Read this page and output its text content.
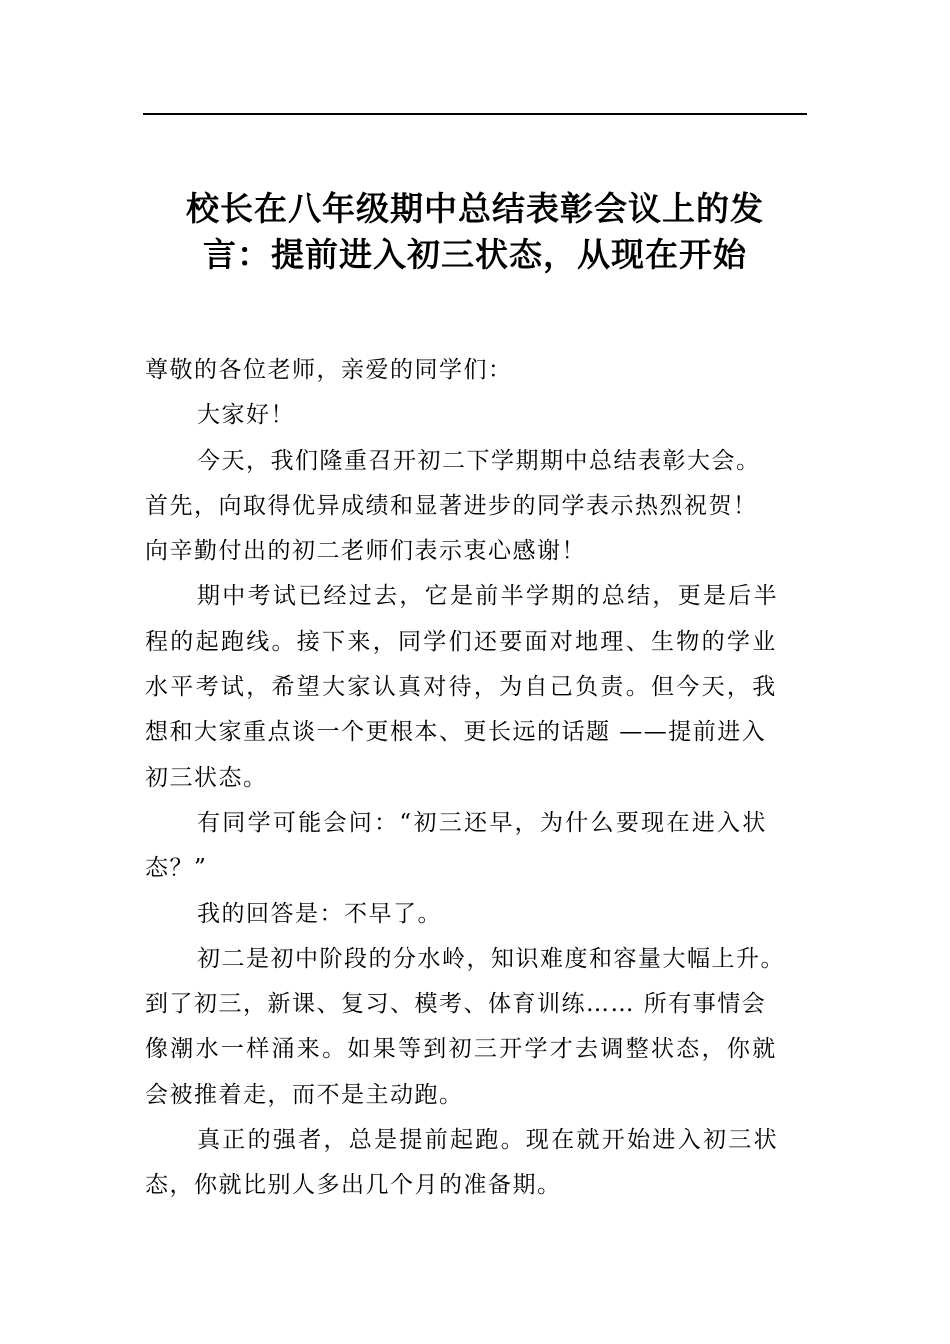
校长在八年级期中总结表彰会议上的发
言：提前进入初三状态，从现在开始
尊敬的各位老师，亲爱的同学们：
大家好！
今天，我们隆重召开初二下学期期中总结表彰大会。
首先，向取得优异成绩和显著进步的同学表示热烈祝贺！
向辛勤付出的初二老师们表示衷心感谢！
期中考试已经过去，它是前半学期的总结，更是后半
程的起跑线。接下来，同学们还要面对地理、生物的学业
水平考试，希望大家认真对待，为自己负责。但今天，我
想和大家重点谈一个更根本、更长远的话题 ——提前进入
初三状态。
有同学可能会问：“初三还早，为什么要现在进入状
态？”
我的回答是：不早了。
初二是初中阶段的分水岭，知识难度和容量大幅上升。
到了初三，新课、复习、模考、体育训练…… 所有事情会
像潮水一样涌来。如果等到初三开学才去调整状态，你就
会被推着走，而不是主动跑。
真正的强者，总是提前起跑。现在就开始进入初三状
态，你就比别人多出几个月的准备期。
